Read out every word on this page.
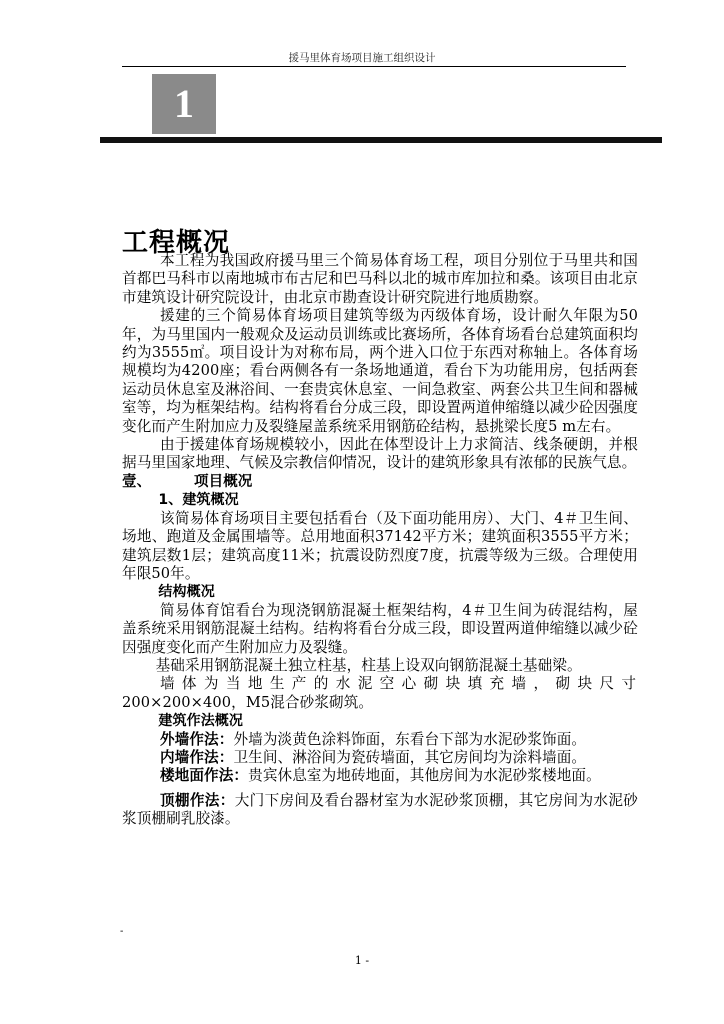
援马里体育场项目施工组织设计
1
工程概况

本工程为我国政府援马里三个简易体育场工程，项目分别位于马里共和国首都巴马科市以南地城市布古尼和巴马科以北的城市库加拉和桑。该项目由北京市建筑设计研究院设计，由北京市勘查设计研究院进行地质勘察。

援建的三个简易体育场项目建筑等级为丙级体育场，设计耐久年限为50年，为马里国内一般观众及运动员训练或比赛场所，各体育场看台总建筑面积均约为3555㎡。项目设计为对称布局，两个进入口位于东西对称轴上。各体育场规模均为4200座；看台两侧各有一条场地通道，看台下为功能用房，包括两套运动员休息室及淋浴间、一套贵宾休息室、一间急救室、两套公共卫生间和器械室等，均为框架结构。结构将看台分成三段，即设置两道伸缩缝以减少砼因强度变化而产生附加应力及裂缝屋盖系统采用钢筋砼结构，悬挑梁长度5 m左右。

由于援建体育场规模较小，因此在体型设计上力求简洁、线条硬朗，并根据马里国家地理、气候及宗教信仰情况，设计的建筑形象具有浓郁的民族气息。

壹、	项目概况

1、建筑概况

该简易体育场项目主要包括看台（及下面功能用房）、大门、4＃卫生间、场地、跑道及金属围墙等。总用地面积37142平方米；建筑面积3555平方米；建筑层数1层；建筑高度11米；抗震设防烈度7度，抗震等级为三级。合理使用年限50年。

结构概况

简易体育馆看台为现浇钢筋混凝土框架结构，4＃卫生间为砖混结构，屋盖系统采用钢筋混凝土结构。结构将看台分成三段，即设置两道伸缩缝以减少砼因强度变化而产生附加应力及裂缝。

基础采用钢筋混凝土独立柱基，柱基上设双向钢筋混凝土基础梁。

墙体为当地生产的水泥空心砌块填充墙，砌块尺寸

200×200×400，M5混合砂浆砌筑。

建筑作法概况

外墙作法：外墙为淡黄色涂料饰面，东看台下部为水泥砂浆饰面。

内墙作法：卫生间、淋浴间为瓷砖墙面，其它房间均为涂料墙面。

楼地面作法：贵宾休息室为地砖地面，其他房间为水泥砂浆楼地面。

顶棚作法：大门下房间及看台器材室为水泥砂浆顶棚，其它房间为水泥砂浆顶棚刷乳胶漆。

-
1 -
